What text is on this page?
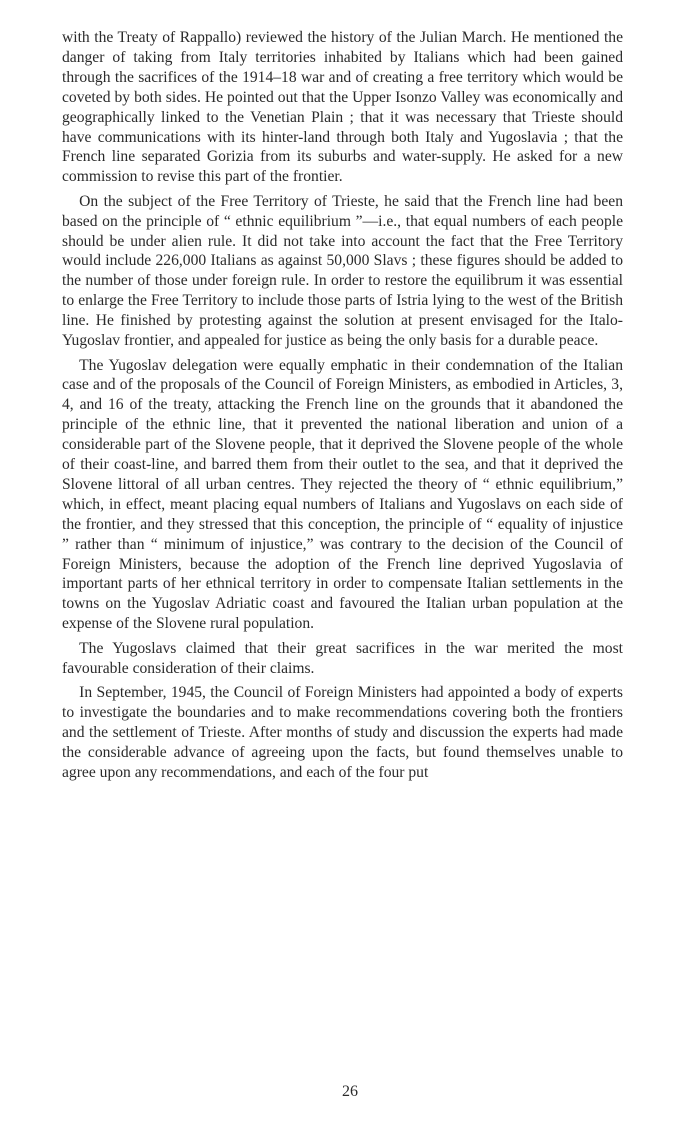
with the Treaty of Rappallo) reviewed the history of the Julian March. He mentioned the danger of taking from Italy territories inhabited by Italians which had been gained through the sacrifices of the 1914–18 war and of creating a free territory which would be coveted by both sides. He pointed out that the Upper Isonzo Valley was economically and geographically linked to the Venetian Plain ; that it was necessary that Trieste should have communications with its hinter-land through both Italy and Yugoslavia ; that the French line separated Gorizia from its suburbs and water-supply. He asked for a new commission to revise this part of the frontier.

On the subject of the Free Territory of Trieste, he said that the French line had been based on the principle of “ ethnic equilibrium ”—i.e., that equal numbers of each people should be under alien rule. It did not take into account the fact that the Free Territory would include 226,000 Italians as against 50,000 Slavs ; these figures should be added to the number of those under foreign rule. In order to restore the equilibrum it was essential to enlarge the Free Territory to include those parts of Istria lying to the west of the British line. He finished by protesting against the solution at present envisaged for the Italo-Yugoslav frontier, and appealed for justice as being the only basis for a durable peace.

The Yugoslav delegation were equally emphatic in their condemnation of the Italian case and of the proposals of the Council of Foreign Ministers, as embodied in Articles, 3, 4, and 16 of the treaty, attacking the French line on the grounds that it abandoned the principle of the ethnic line, that it prevented the national liberation and union of a considerable part of the Slovene people, that it deprived the Slovene people of the whole of their coast-line, and barred them from their outlet to the sea, and that it deprived the Slovene littoral of all urban centres. They rejected the theory of “ ethnic equilibrium,” which, in effect, meant placing equal numbers of Italians and Yugoslavs on each side of the frontier, and they stressed that this conception, the principle of “ equality of injustice ” rather than “ minimum of injustice,” was contrary to the decision of the Council of Foreign Ministers, because the adoption of the French line deprived Yugoslavia of important parts of her ethnical territory in order to compensate Italian settlements in the towns on the Yugoslav Adriatic coast and favoured the Italian urban population at the expense of the Slovene rural population.

The Yugoslavs claimed that their great sacrifices in the war merited the most favourable consideration of their claims.

In September, 1945, the Council of Foreign Ministers had appointed a body of experts to investigate the boundaries and to make recommendations covering both the frontiers and the settlement of Trieste. After months of study and discussion the experts had made the considerable advance of agreeing upon the facts, but found themselves unable to agree upon any recommendations, and each of the four put

26
